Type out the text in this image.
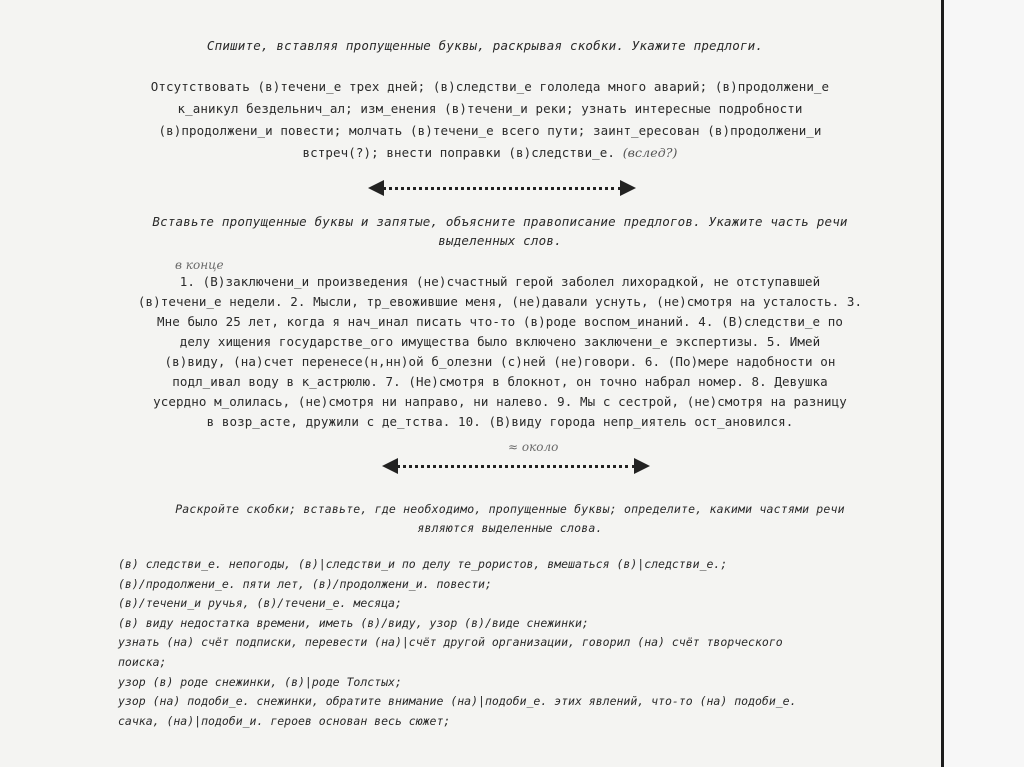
Спишите, вставляя пропущенные буквы, раскрывая скобки. Укажите предлоги.
Отсутствовать (в)течени̲е трех дней; (в)следстви̲е гололеда много аварий; (в)продолжени̲е
к̲аникул бездельнич̲ал; изм̲енения (в)течени̲и реки; узнать интересные подробности
(в)продолжени̲и повести; молчать (в)течени̲е всего пути; заинт̲ересован (в)продолжени̲и
встреч(?); внести поправки (в)следстви̲е. (вслед?)
Вставьте пропущенные буквы и запятые, объясните правописание предлогов. Укажите часть речи
выделенных слов.
в конце
1. (В)заключени̲и произведения (не)счастный герой заболел лихорадкой, не отступавшей
(в)течени̲е недели. 2. Мысли, тр̲евожившие меня, (не)давали уснуть, (не)смотря на усталость. 3.
Мне было 25 лет, когда я нач̲инал писать что-то (в)роде воспом̲инаний. 4. (В)следстви̲е по
делу хищения государстве_ого имущества было включено заключени̲е экспертизы. 5. Имей
(в)виду, (на)счет перенесе(н,нн)ой б̲олезни (с)ней (не)говори. 6. (По)мере надобности он
подл̲ивал воду в к̲астрюлю. 7. (Не)смотря в блокнот, он точно набрал номер. 8. Девушка
усердно м̲олилась, (не)смотря ни направо, ни налево. 9. Мы с сестрой, (не)смотря на разницу
в возр̲асте, дружили с де̲тства. 10. (В)виду города непр̲иятель ост̲ановился.
≈ около
Раскройте скобки; вставьте, где необходимо, пропущенные буквы; определите, какими частями речи
являются выделенные слова.
(в) следстви̲е. непогоды, (в)|следстви̲и по делу те̲рористов, вмешаться (в)|следстви̲е.;
(в)/продолжени̲е. пяти лет, (в)/продолжени̲и. повести;
(в)/течени̲и ручья, (в)/течени̲е. месяца;
(в) виду недостатка времени, иметь (в)/виду, узор (в)/виде снежинки;
узнать (на) счёт подписки, перевести (на)|счёт другой организации, говорил (на) счёт творческого
поиска;
узор (в) роде снежинки, (в)|роде Толстых;
узор (на) подоби̲е. снежинки, обратите внимание (на)|подоби̲е. этих явлений, что-то (на) подоби̲е.
сачка, (на)|подоби̲и. героев основан весь сюжет;
